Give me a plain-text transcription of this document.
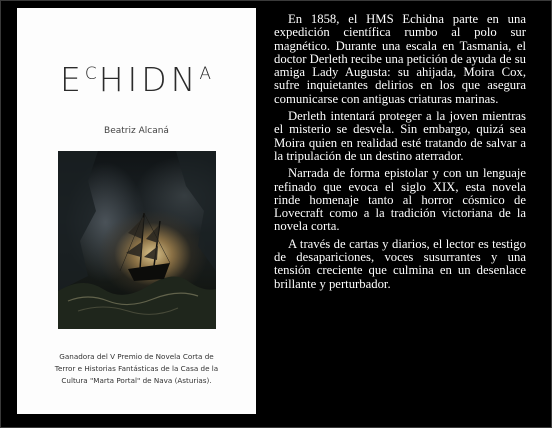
$E^CHIDN^A$
Beatriz Alcaná
Ganadora del V Premio de Novela Corta de
Terror e Historias Fantásticas de la Casa de la
Cultura "Marta Portal" de Nava (Asturias).

En 1858, el HMS Echidna parte en una expedición científica rumbo al polo sur magnético. Durante una escala en Tasmania, el doctor Derleth recibe una petición de ayuda de su amiga Lady Augusta: su ahijada, Moira Cox, sufre inquietantes delirios en los que asegura comunicarse con antiguas criaturas marinas.

Derleth intentará proteger a la joven mientras el misterio se desvela. Sin embargo, quizá sea Moira quien en realidad esté tratando de salvar a la tripulación de un destino aterrador.

Narrada de forma epistolar y con un lenguaje refinado que evoca el siglo XIX, esta novela rinde homenaje tanto al horror cósmico de Lovecraft como a la tradición victoriana de la novela corta.

A través de cartas y diarios, el lector es testigo de desapariciones, voces susurrantes y una tensión creciente que culmina en un desenlace brillante y perturbador.
